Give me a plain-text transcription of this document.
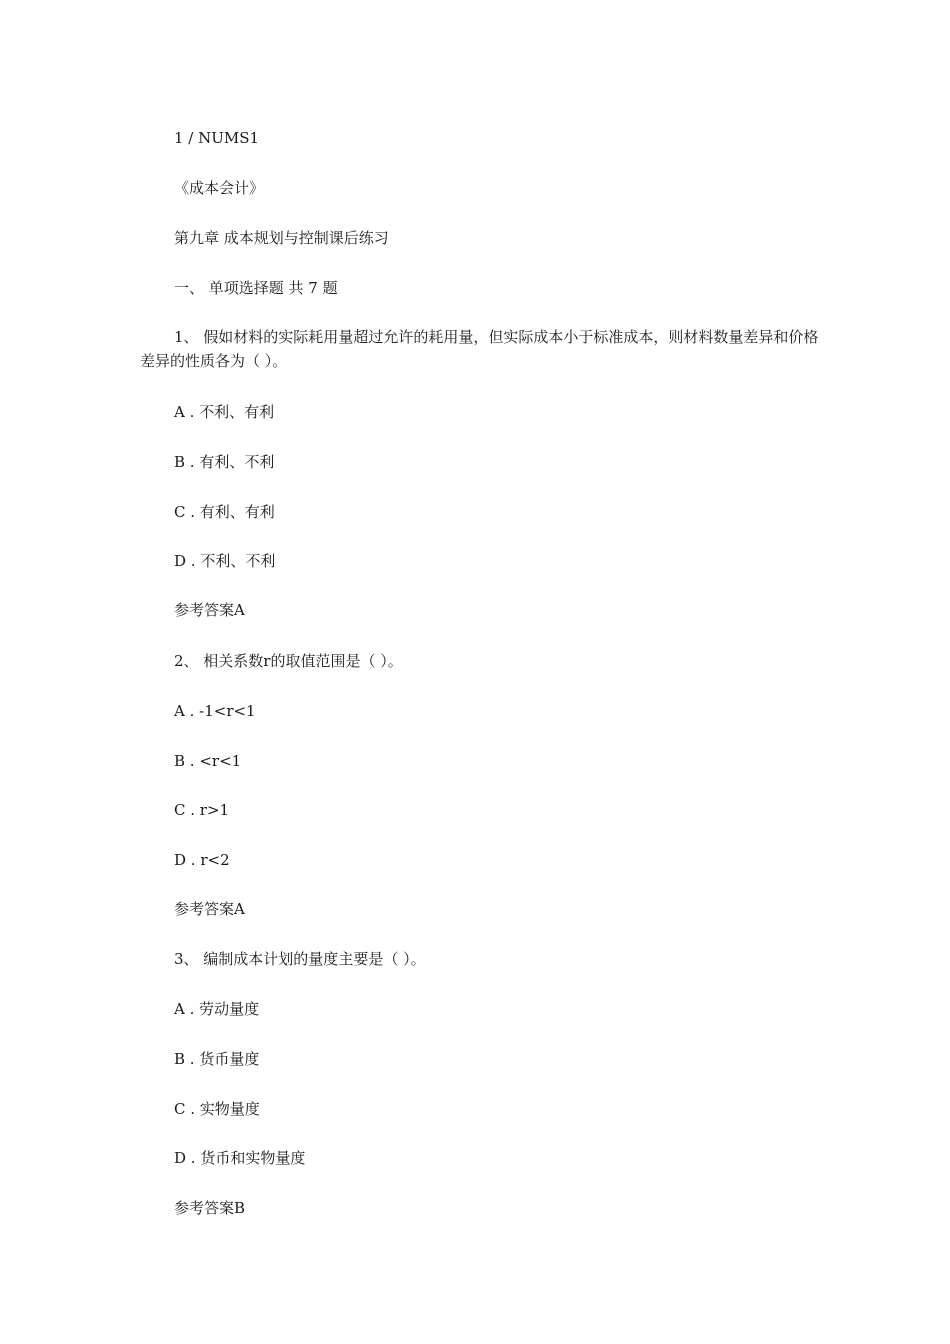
1 / NUMS1
《成本会计》
第九章 成本规划与控制课后练习
一、 单项选择题 共 7 题
1、 假如材料的实际耗用量超过允许的耗用量，但实际成本小于标准成本，则材料数量差异和价格差异的性质各为（ ）。
A . 不利、有利
B . 有利、不利
C . 有利、有利
D . 不利、不利
参考答案A
2、 相关系数r的取值范围是（ ）。
A . -1<r<1
B . <r<1
C . r>1
D . r<2
参考答案A
3、 编制成本计划的量度主要是（ ）。
A . 劳动量度
B . 货币量度
C . 实物量度
D . 货币和实物量度
参考答案B
